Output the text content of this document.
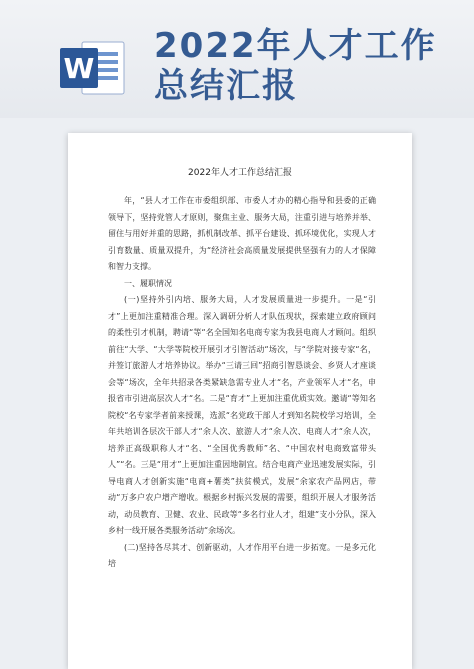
W
2022年人才工作总结汇报
2022年人才工作总结汇报

年，“县人才工作在市委组织部、市委人才办的精心指导和县委的正确领导下，坚持党管人才原则，聚焦主业、服务大局，注重引进与培养并举、留住与用好并重的思路，抓机制改革、抓平台建设、抓环境优化，实现人才引育数量、质量双提升，为“经济社会高质量发展提供坚强有力的人才保障和智力支撑。

一、履职情况

(一)坚持外引内培、服务大局，人才发展质量进一步提升。一是“引才”上更加注重精准合理。深入调研分析人才队伍现状，探索建立政府顾问的柔性引才机制，聘请“等“名全国知名电商专家为我县电商人才顾问。组织前往“大学、“大学等院校开展引才引智活动“场次，与“学院对接专家“名，并签订旅游人才培养协议。举办“三请三回”招商引智恳谈会、乡贤人才座谈会等“场次，全年共招录各类紧缺急需专业人才“名，产业领军人才“名，申报省市引进高层次人才“名。二是“育才”上更加注重优质实效。邀请“等知名院校“名专家学者前来授课，选派“名党政干部人才到知名院校学习培训，全年共培训各层次干部人才“余人次、旅游人才“余人次、电商人才“余人次，培养正高级职称人才“名、“全国优秀教师”名、“中国农村电商致富带头人”“名。三是“用才”上更加注重因地制宜。结合电商产业迅速发展实际，引导电商人才创新实施“电商+薯类”扶贫模式，发展“余家农产品网店，带动“万多户农户增产增收。根据乡村振兴发展的需要，组织开展人才服务活动，动员教育、卫健、农业、民政等“多名行业人才，组建“支小分队，深入乡村一线开展各类服务活动“余场次。

(二)坚持各尽其才、创新驱动，人才作用平台进一步拓宽。一是多元化培
